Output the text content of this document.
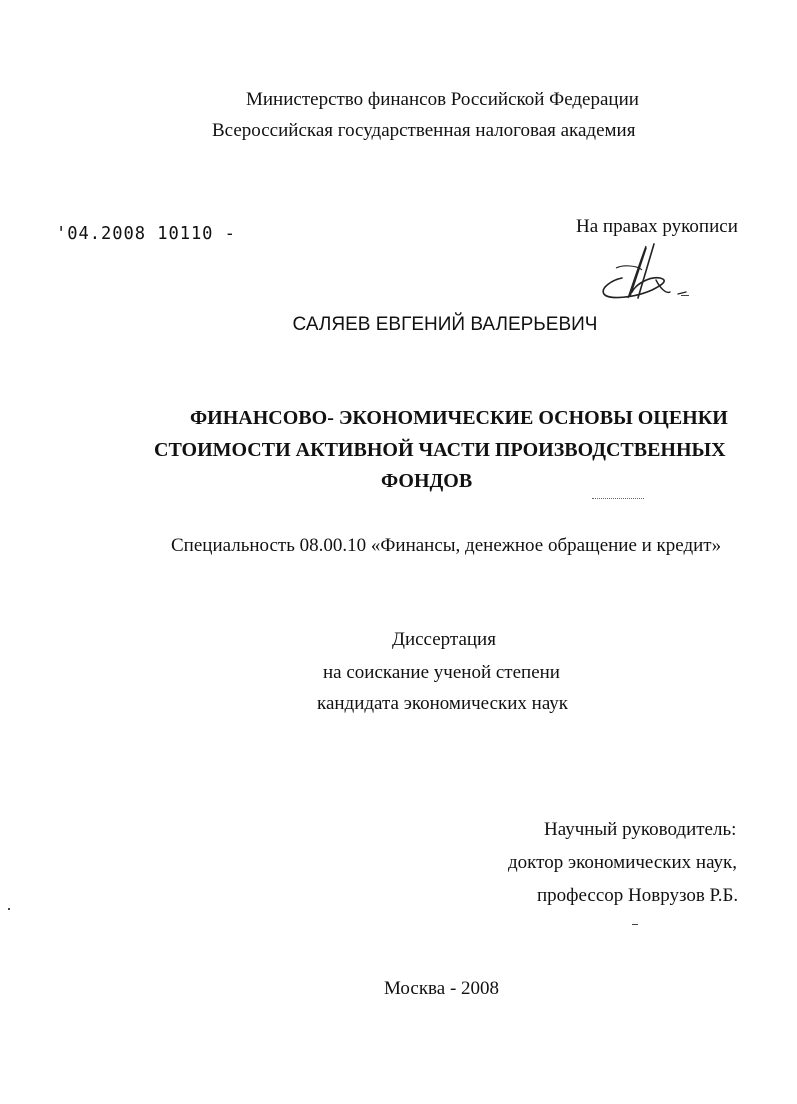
Министерство финансов Российской Федерации
Всероссийская государственная налоговая академия
'04.2008 10110 -	На правах рукописи
САЛЯЕВ ЕВГЕНИЙ ВАЛЕРЬЕВИЧ
ФИНАНСОВО- ЭКОНОМИЧЕСКИЕ ОСНОВЫ ОЦЕНКИ
СТОИМОСТИ АКТИВНОЙ ЧАСТИ ПРОИЗВОДСТВЕННЫХ
ФОНДОВ
Специальность 08.00.10 «Финансы, денежное обращение и кредит»
Диссертация
на соискание ученой степени
кандидата экономических наук
Научный руководитель:
доктор экономических наук,
профессор Новрузов Р.Б.
Москва - 2008
